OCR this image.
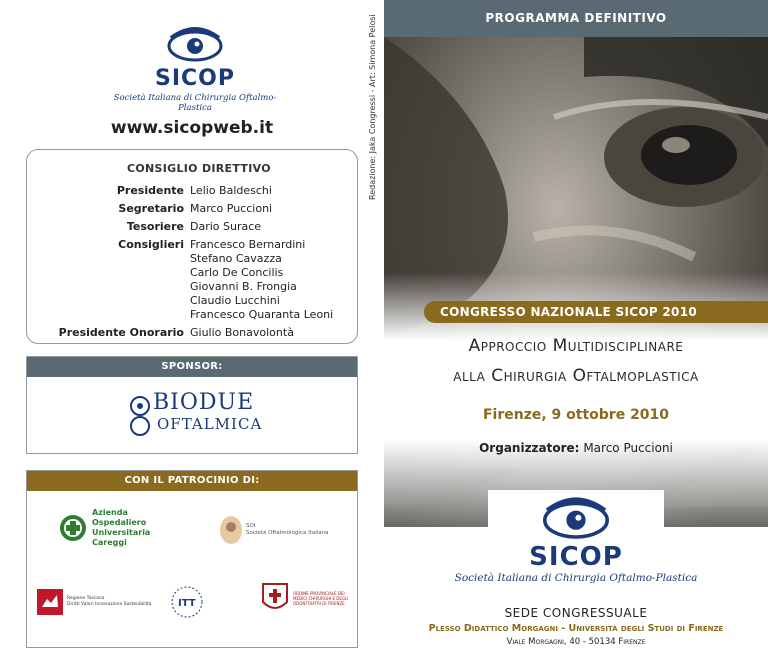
SICOP
Società Italiana di Chirurgia Oftalmo-Plastica
www.sicopweb.it	Redazione: Jaka Congressi - Art: Simona Pelosi
CONSIGLIO DIRETTIVO
Presidente Lelio Baldeschi
Segretario Marco Puccioni
Tesoriere Dario Surace
Consiglieri Francesco Bernardini
Stefano Cavazza
Carlo De Concilis
Giovanni B. Frongia
Claudio Lucchini
Francesco Quaranta Leoni
Presidente Onorario Giulio Bonavolontà
SPONSOR:
BIODUE
OFTALMICA
CON IL PATROCINIO DI:
Azienda
Ospedaliero
Universitaria
Careggi
SOI
Società Oftalmologica Italiana
Regione Toscana
Diritti Valori Innovazione Sostenibilità	ITT
ORDINE PROVINCIALE DEI MEDICI CHIRURGHI E DEGLI ODONTOIATRI DI FIRENZE
PROGRAMMA DEFINITIVO
CONGRESSO NAZIONALE SICOP 2010
Approccio Multidisciplinare
alla Chirurgia Oftalmoplastica
Firenze, 9 ottobre 2010
Organizzatore: Marco Puccioni
SICOP
Società Italiana di Chirurgia Oftalmo-Plastica
SEDE CONGRESSUALE
Plesso Didattico Morgagni - Università degli Studi di Firenze
Viale Morgagni, 40 - 50134 Firenze
